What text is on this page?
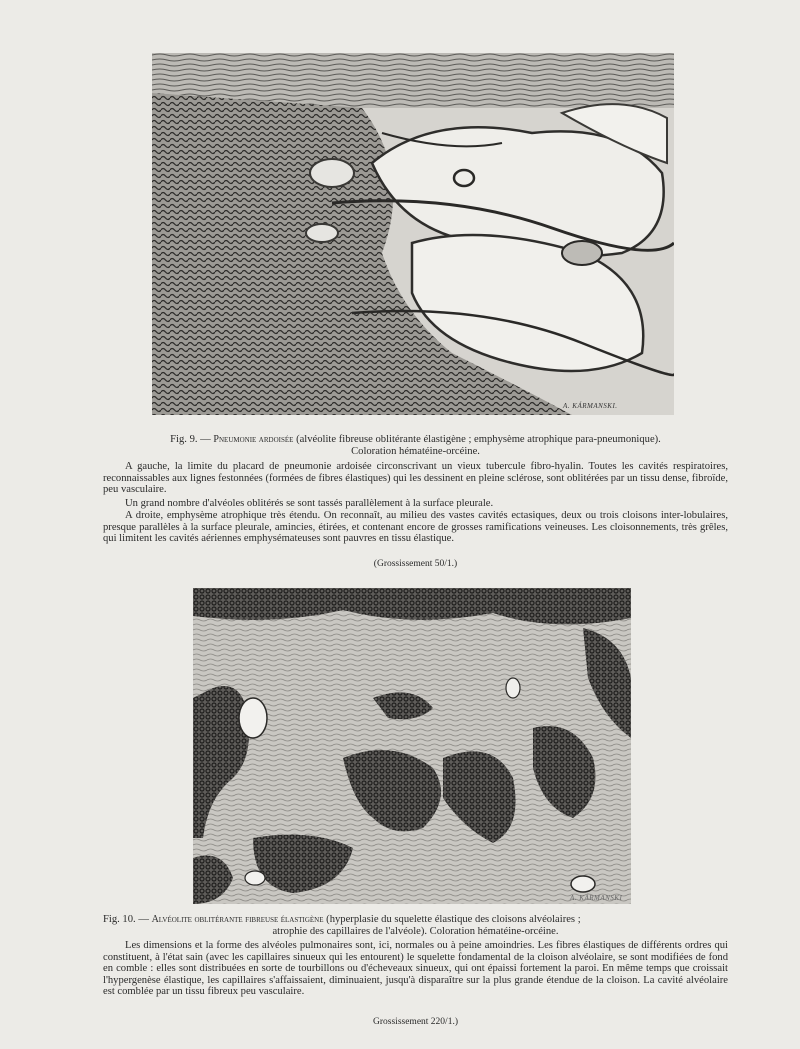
A. KÁRMANSKI.
Fig. 9. — Pneumonie ardoisée (alvéolite fibreuse oblitérante élastigène ; emphysème atrophique para-pneumonique).
Coloration hématéine-orcéine.
A gauche, la limite du placard de pneumonie ardoisée circonscrivant un vieux tubercule fibro-hyalin. Toutes les cavités respiratoires, reconnaissables aux lignes festonnées (formées de fibres élastiques) qui les dessinent en pleine sclérose, sont oblitérées par un tissu dense, fibroïde, peu vasculaire.
Un grand nombre d'alvéoles oblitérés se sont tassés parallèlement à la surface pleurale.
A droite, emphysème atrophique très étendu. On reconnaît, au milieu des vastes cavités ectasiques, deux ou trois cloisons inter-lobulaires, presque parallèles à la surface pleurale, amincies, étirées, et contenant encore de grosses ramifications veineuses. Les cloisonnements, très grêles, qui limitent les cavités aériennes emphysémateuses sont pauvres en tissu élastique.
(Grossissement 50/1.)
A. KÁRMANSKI
Fig. 10. — Alvéolite oblitérante fibreuse élastigène (hyperplasie du squelette élastique des cloisons alvéolaires ;
atrophie des capillaires de l'alvéole). Coloration hématéine-orcéine.
Les dimensions et la forme des alvéoles pulmonaires sont, ici, normales ou à peine amoindries. Les fibres élastiques de différents ordres qui constituent, à l'état sain (avec les capillaires sinueux qui les entourent) le squelette fondamental de la cloison alvéolaire, se sont modifiées de fond en comble : elles sont distribuées en sorte de tourbillons ou d'écheveaux sinueux, qui ont épaissi fortement la paroi. En même temps que croissait l'hypergenèse élastique, les capillaires s'affaissaient, diminuaient, jusqu'à disparaître sur la plus grande étendue de la cloison. La cavité alvéolaire est comblée par un tissu fibreux peu vasculaire.
Grossissement 220/1.)
